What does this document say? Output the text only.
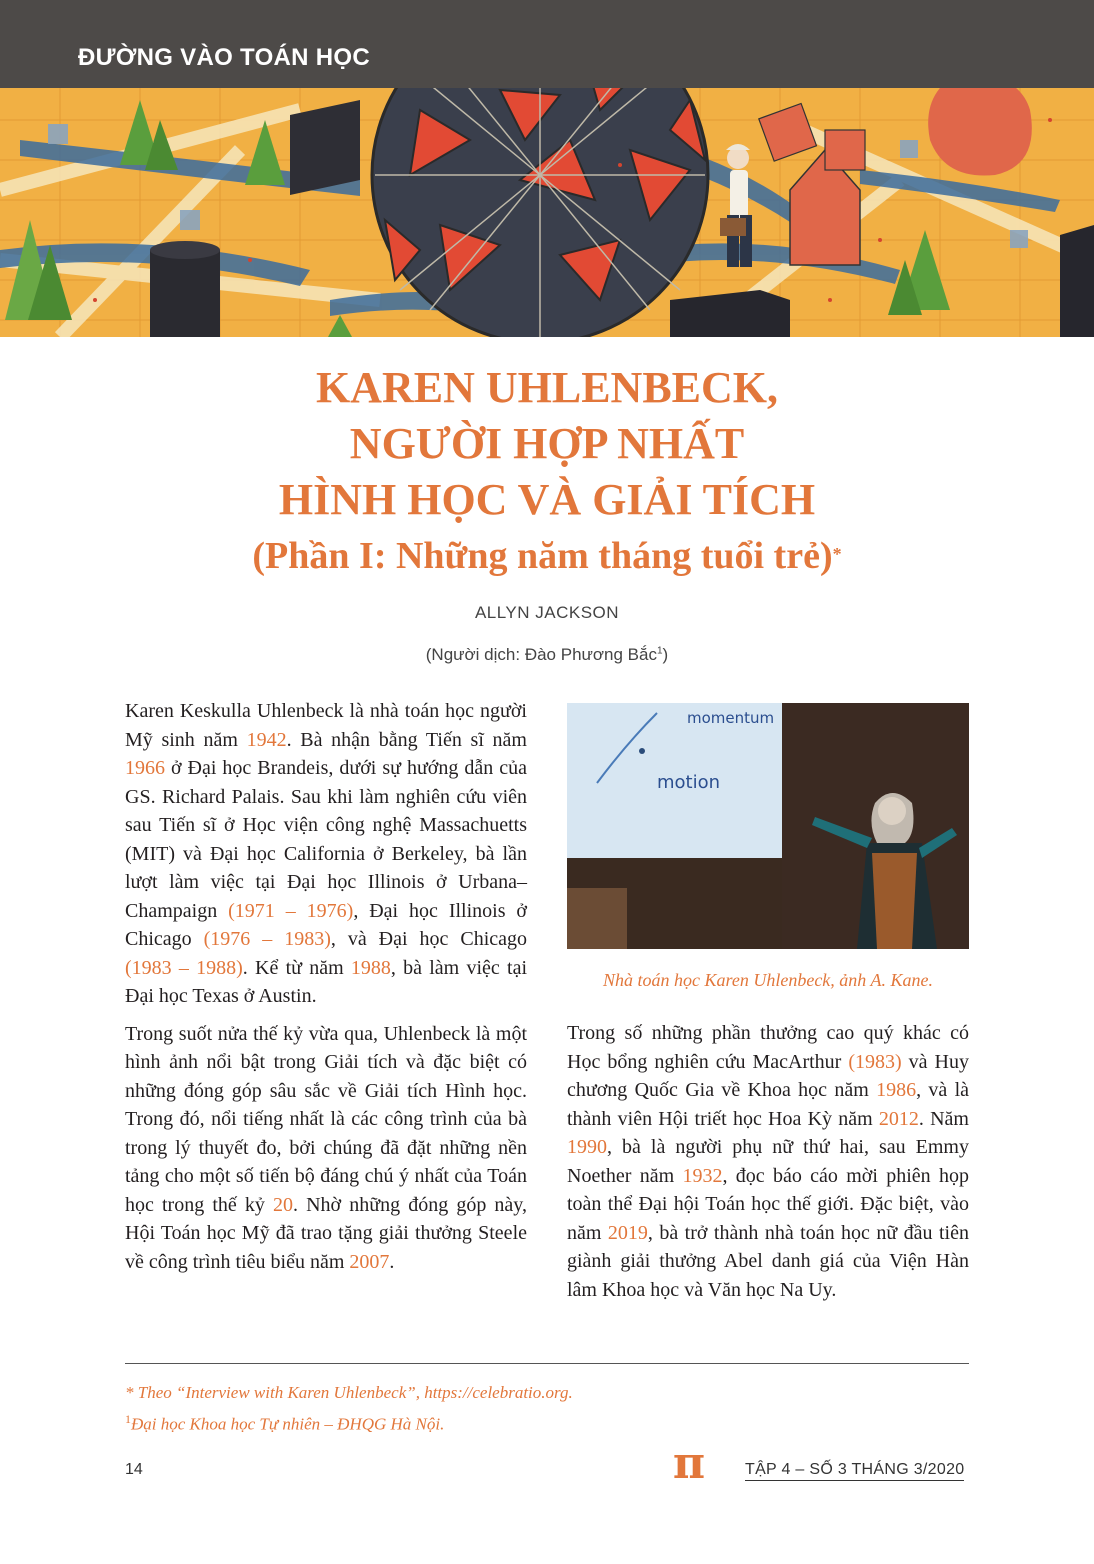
ĐƯỜNG VÀO TOÁN HỌC
KAREN UHLENBECK,
NGƯỜI HỢP NHẤT
HÌNH HỌC VÀ GIẢI TÍCH
(Phần I: Những năm tháng tuổi trẻ)*
ALLYN JACKSON
(Người dịch: Đào Phương Bắc$^1$)

Karen Keskulla Uhlenbeck là nhà toán học người Mỹ sinh năm 1942. Bà nhận bằng Tiến sĩ năm 1966 ở Đại học Brandeis, dưới sự hướng dẫn của GS. Richard Palais. Sau khi làm nghiên cứu viên sau Tiến sĩ ở Học viện công nghệ Massachuetts (MIT) và Đại học California ở Berkeley, bà lần lượt làm việc tại Đại học Illinois ở Urbana–Champaign (1971 – 1976), Đại học Illinois ở Chicago (1976 – 1983), và Đại học Chicago (1983 – 1988). Kể từ năm 1988, bà làm việc tại Đại học Texas ở Austin.

Trong suốt nửa thế kỷ vừa qua, Uhlenbeck là một hình ảnh nổi bật trong Giải tích và đặc biệt có những đóng góp sâu sắc về Giải tích Hình học. Trong đó, nổi tiếng nhất là các công trình của bà trong lý thuyết đo, bởi chúng đã đặt những nền tảng cho một số tiến bộ đáng chú ý nhất của Toán học trong thế kỷ 20. Nhờ những đóng góp này, Hội Toán học Mỹ đã trao tặng giải thưởng Steele về công trình tiêu biểu năm 2007.

momentum
motion
Nhà toán học Karen Uhlenbeck, ảnh A. Kane.

Trong số những phần thưởng cao quý khác có Học bổng nghiên cứu MacArthur (1983) và Huy chương Quốc Gia về Khoa học năm 1986, và là thành viên Hội triết học Hoa Kỳ năm 2012. Năm 1990, bà là người phụ nữ thứ hai, sau Emmy Noether năm 1932, đọc báo cáo mời phiên họp toàn thể Đại hội Toán học thế giới. Đặc biệt, vào năm 2019, bà trở thành nhà toán học nữ đầu tiên giành giải thưởng Abel danh giá của Viện Hàn lâm Khoa học và Văn học Na Uy.

* Theo “Interview with Karen Uhlenbeck”, https://celebratio.org.
$^1$Đại học Khoa học Tự nhiên – ĐHQG Hà Nội.
14	π TẬP 4 – SỐ 3 THÁNG 3/2020
